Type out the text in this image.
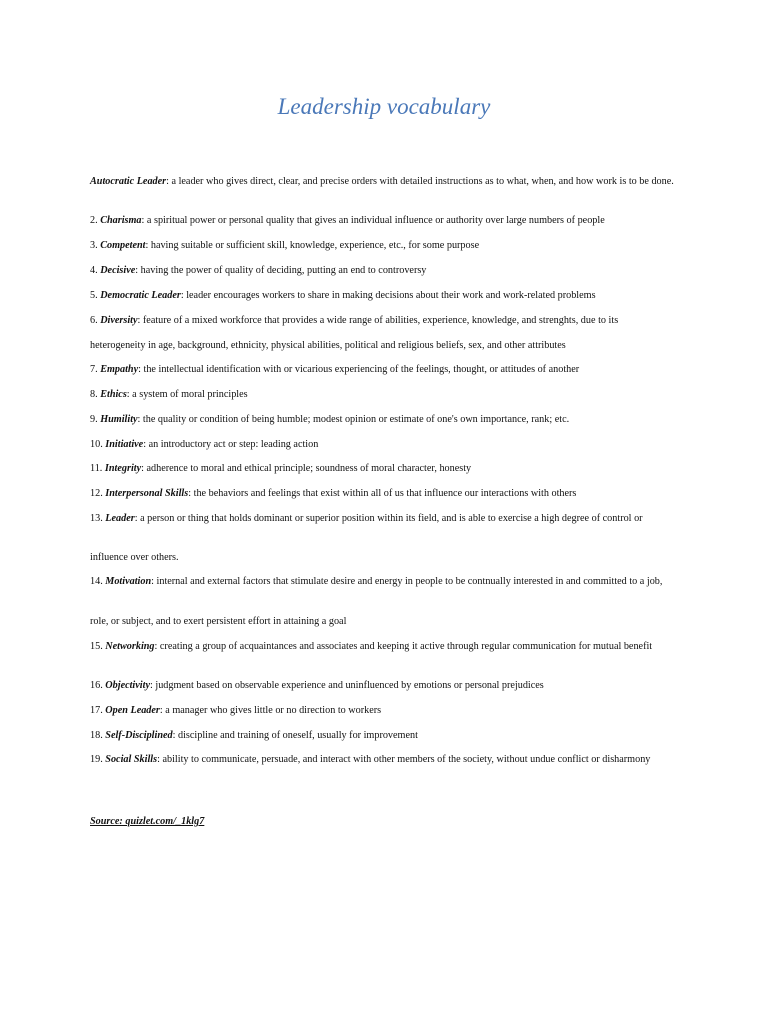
Leadership vocabulary

Autocratic Leader: a leader who gives direct, clear, and precise orders with detailed instructions as to what, when, and how work is to be done.

2. Charisma: a spiritual power or personal quality that gives an individual influence or authority over large numbers of people

3. Competent: having suitable or sufficient skill, knowledge, experience, etc., for some purpose

4. Decisive: having the power of quality of deciding, putting an end to controversy

5. Democratic Leader: leader encourages workers to share in making decisions about their work and work-related problems

6. Diversity: feature of a mixed workforce that provides a wide range of abilities, experience, knowledge, and strenghts, due to its

heterogeneity in age, background, ethnicity, physical abilities, political and religious beliefs, sex, and other attributes

7. Empathy: the intellectual identification with or vicarious experiencing of the feelings, thought, or attitudes of another

8. Ethics: a system of moral principles

9. Humility: the quality or condition of being humble; modest opinion or estimate of one's own importance, rank; etc.

10. Initiative: an introductory act or step: leading action

11. Integrity: adherence to moral and ethical principle; soundness of moral character, honesty

12. Interpersonal Skills: the behaviors and feelings that exist within all of us that influence our interactions with others

13. Leader: a person or thing that holds dominant or superior position within its field, and is able to exercise a high degree of control or

influence over others.

14. Motivation: internal and external factors that stimulate desire and energy in people to be contnually interested in and committed to a job,

role, or subject, and to exert persistent effort in attaining a goal

15. Networking: creating a group of acquaintances and associates and keeping it active through regular communication for mutual benefit

16. Objectivity: judgment based on observable experience and uninfluenced by emotions or personal prejudices

17. Open Leader: a manager who gives little or no direction to workers

18. Self-Disciplined: discipline and training of oneself, usually for improvement

19. Social Skills: ability to communicate, persuade, and interact with other members of the society, without undue conflict or disharmony

Source: quizlet.com/_1klg7
